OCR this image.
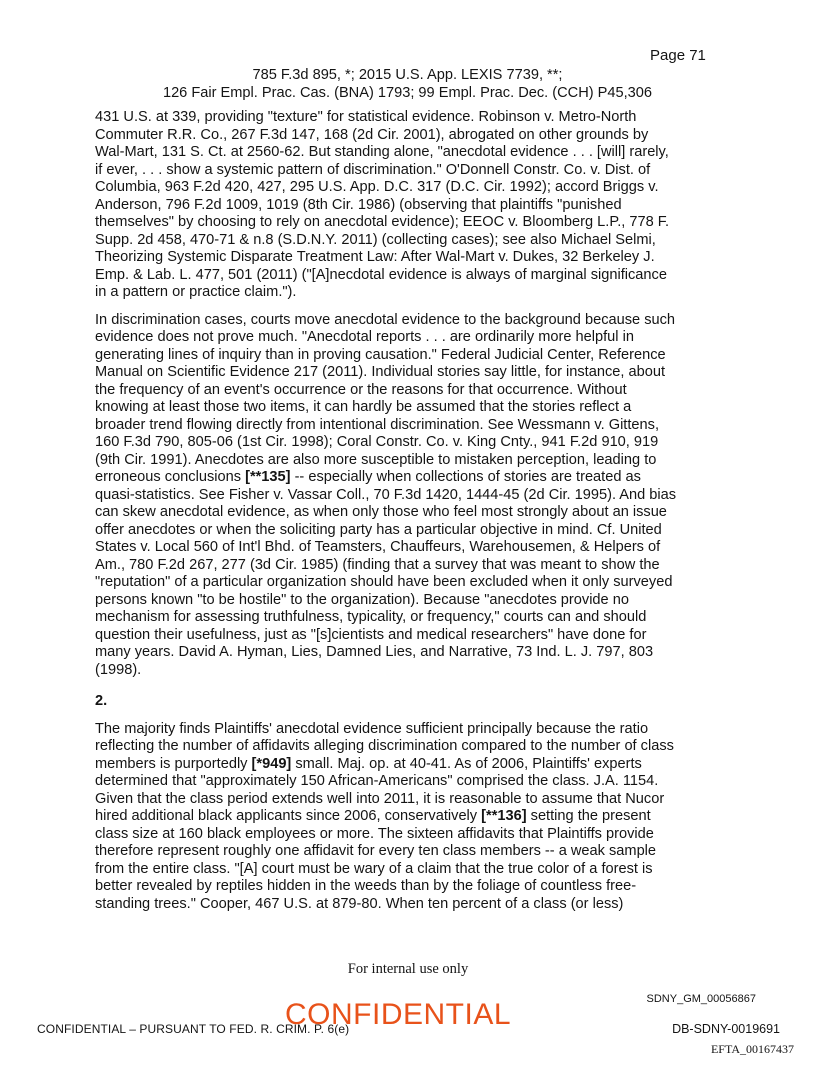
Page 71
785 F.3d 895, *; 2015 U.S. App. LEXIS 7739, **;
126 Fair Empl. Prac. Cas. (BNA) 1793; 99 Empl. Prac. Dec. (CCH) P45,306

431 U.S. at 339, providing "texture" for statistical evidence. Robinson v. Metro-North
Commuter R.R. Co., 267 F.3d 147, 168 (2d Cir. 2001), abrogated on other grounds by
Wal-Mart, 131 S. Ct. at 2560-62. But standing alone, "anecdotal evidence . . . [will] rarely,
if ever, . . . show a systemic pattern of discrimination." O'Donnell Constr. Co. v. Dist. of
Columbia, 963 F.2d 420, 427, 295 U.S. App. D.C. 317 (D.C. Cir. 1992); accord Briggs v.
Anderson, 796 F.2d 1009, 1019 (8th Cir. 1986) (observing that plaintiffs "punished
themselves" by choosing to rely on anecdotal evidence); EEOC v. Bloomberg L.P., 778 F.
Supp. 2d 458, 470-71 & n.8 (S.D.N.Y. 2011) (collecting cases); see also Michael Selmi,
Theorizing Systemic Disparate Treatment Law: After Wal-Mart v. Dukes, 32 Berkeley J.
Emp. & Lab. L. 477, 501 (2011) ("[A]necdotal evidence is always of marginal significance
in a pattern or practice claim.").

In discrimination cases, courts move anecdotal evidence to the background because such
evidence does not prove much. "Anecdotal reports . . . are ordinarily more helpful in
generating lines of inquiry than in proving causation." Federal Judicial Center, Reference
Manual on Scientific Evidence 217 (2011). Individual stories say little, for instance, about
the frequency of an event's occurrence or the reasons for that occurrence. Without
knowing at least those two items, it can hardly be assumed that the stories reflect a
broader trend flowing directly from intentional discrimination. See Wessmann v. Gittens,
160 F.3d 790, 805-06 (1st Cir. 1998); Coral Constr. Co. v. King Cnty., 941 F.2d 910, 919
(9th Cir. 1991). Anecdotes are also more susceptible to mistaken perception, leading to
erroneous conclusions [**135] -- especially when collections of stories are treated as
quasi-statistics. See Fisher v. Vassar Coll., 70 F.3d 1420, 1444-45 (2d Cir. 1995). And bias
can skew anecdotal evidence, as when only those who feel most strongly about an issue
offer anecdotes or when the soliciting party has a particular objective in mind. Cf. United
States v. Local 560 of Int'l Bhd. of Teamsters, Chauffeurs, Warehousemen, & Helpers of
Am., 780 F.2d 267, 277 (3d Cir. 1985) (finding that a survey that was meant to show the
"reputation" of a particular organization should have been excluded when it only surveyed
persons known "to be hostile" to the organization). Because "anecdotes provide no
mechanism for assessing truthfulness, typicality, or frequency," courts can and should
question their usefulness, just as "[s]cientists and medical researchers" have done for
many years. David A. Hyman, Lies, Damned Lies, and Narrative, 73 Ind. L. J. 797, 803
(1998).

2.

The majority finds Plaintiffs' anecdotal evidence sufficient principally because the ratio
reflecting the number of affidavits alleging discrimination compared to the number of class
members is purportedly [*949] small. Maj. op. at 40-41. As of 2006, Plaintiffs' experts
determined that "approximately 150 African-Americans" comprised the class. J.A. 1154.
Given that the class period extends well into 2011, it is reasonable to assume that Nucor
hired additional black applicants since 2006, conservatively [**136] setting the present
class size at 160 black employees or more. The sixteen affidavits that Plaintiffs provide
therefore represent roughly one affidavit for every ten class members -- a weak sample
from the entire class. "[A] court must be wary of a claim that the true color of a forest is
better revealed by reptiles hidden in the weeds than by the foliage of countless free-
standing trees." Cooper, 467 U.S. at 879-80. When ten percent of a class (or less)

For internal use only
SDNY_GM_00056867
CONFIDENTIAL – PURSUANT TO FED. R. CRIM. P. 6(e)
CONFIDENTIAL	DB-SDNY-0019691
EFTA_00167437
